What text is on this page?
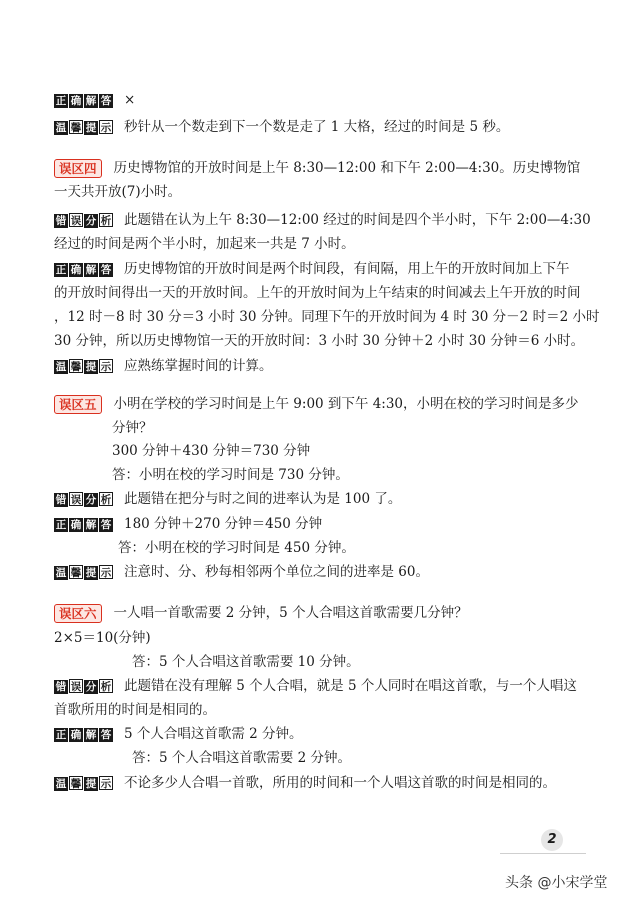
正 确 解 答 ×
温 馨 提 示 秒针从一个数走到下一个数是走了 1 大格，经过的时间是 5 秒。
误区四 历史博物馆的开放时间是上午 8:30—12:00 和下午 2:00—4:30。历史博物馆
一天共开放(7)小时。
错 误 分 析 此题错在认为上午 8:30—12:00 经过的时间是四个半小时，下午 2:00—4:30
经过的时间是两个半小时，加起来一共是 7 小时。
正 确 解 答 历史博物馆的开放时间是两个时间段，有间隔，用上午的开放时间加上下午
的开放时间得出一天的开放时间。上午的开放时间为上午结束的时间减去上午开放的时间
，12 时－8 时 30 分＝3 小时 30 分钟。同理下午的开放时间为 4 时 30 分－2 时＝2 小时
30 分钟，所以历史博物馆一天的开放时间：3 小时 30 分钟＋2 小时 30 分钟＝6 小时。
温 馨 提 示 应熟练掌握时间的计算。
误区五 小明在学校的学习时间是上午 9:00 到下午 4:30，小明在校的学习时间是多少
分钟？
300 分钟＋430 分钟＝730 分钟
答：小明在校的学习时间是 730 分钟。
错 误 分 析 此题错在把分与时之间的进率认为是 100 了。
正 确 解 答 180 分钟＋270 分钟＝450 分钟
答：小明在校的学习时间是 450 分钟。
温 馨 提 示 注意时、分、秒每相邻两个单位之间的进率是 60。
误区六 一人唱一首歌需要 2 分钟，5 个人合唱这首歌需要几分钟？
2×5＝10(分钟)
答：5 个人合唱这首歌需要 10 分钟。
错 误 分 析 此题错在没有理解 5 个人合唱，就是 5 个人同时在唱这首歌，与一个人唱这
首歌所用的时间是相同的。
正 确 解 答 5 个人合唱这首歌需 2 分钟。
答：5 个人合唱这首歌需要 2 分钟。
温 馨 提 示 不论多少人合唱一首歌，所用的时间和一个人唱这首歌的时间是相同的。
2
头条 @小宋学堂
